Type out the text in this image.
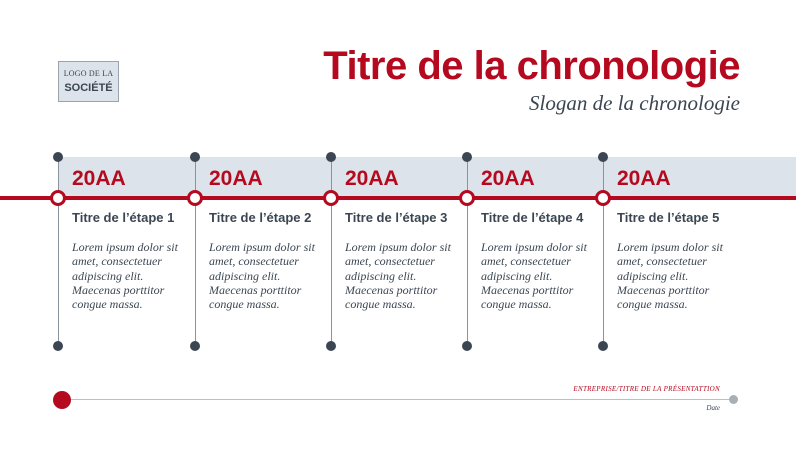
LOGO DE LA
SOCIÉTÉ	Titre de la chronologie
Slogan de la chronologie
20AA
Titre de l’étape 1
Lorem ipsum dolor sit amet, consectetuer adipiscing elit. Maecenas porttitor congue massa.
20AA
Titre de l’étape 2
Lorem ipsum dolor sit amet, consectetuer adipiscing elit. Maecenas porttitor congue massa.
20AA
Titre de l’étape 3
Lorem ipsum dolor sit amet, consectetuer adipiscing elit. Maecenas porttitor congue massa.
20AA
Titre de l’étape 4
Lorem ipsum dolor sit amet, consectetuer adipiscing elit. Maecenas porttitor congue massa.
20AA
Titre de l’étape 5
Lorem ipsum dolor sit amet, consectetuer adipiscing elit. Maecenas porttitor congue massa.
ENTREPRISE/TITRE DE LA PRÉSENTATTION
Date
